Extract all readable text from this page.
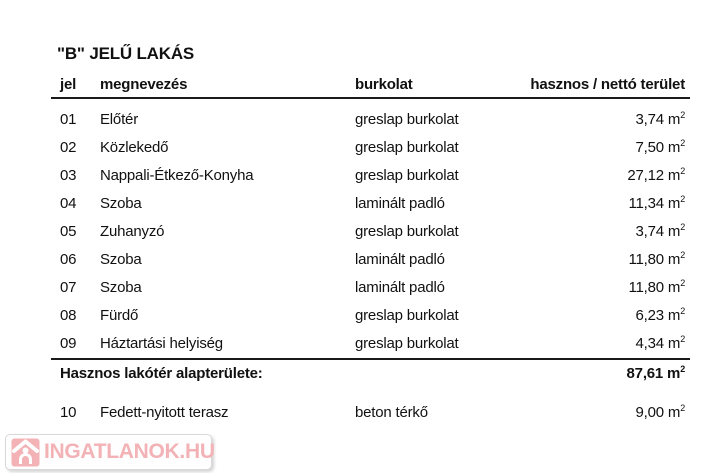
"B" JELŰ LAKÁS
jel	megnevezés	burkolat	hasznos / nettó terület
01	Előtér	greslap burkolat	3,74 $m^2$
02	Közlekedő	greslap burkolat	7,50 $m^2$
03	Nappali-Étkező-Konyha	greslap burkolat	27,12 $m^2$
04	Szoba	laminált padló	11,34 $m^2$
05	Zuhanyzó	greslap burkolat	3,74 $m^2$
06	Szoba	laminált padló	11,80 $m^2$
07	Szoba	laminált padló	11,80 $m^2$
08	Fürdő	greslap burkolat	6,23 $m^2$
09	Háztartási helyiség	greslap burkolat	4,34 $m^2$
Hasznos lakótér alapterülete:	87,61 $m^2$
10	Fedett-nyitott terasz	beton térkő	9,00 $m^2$
INGATLANOK.HU
